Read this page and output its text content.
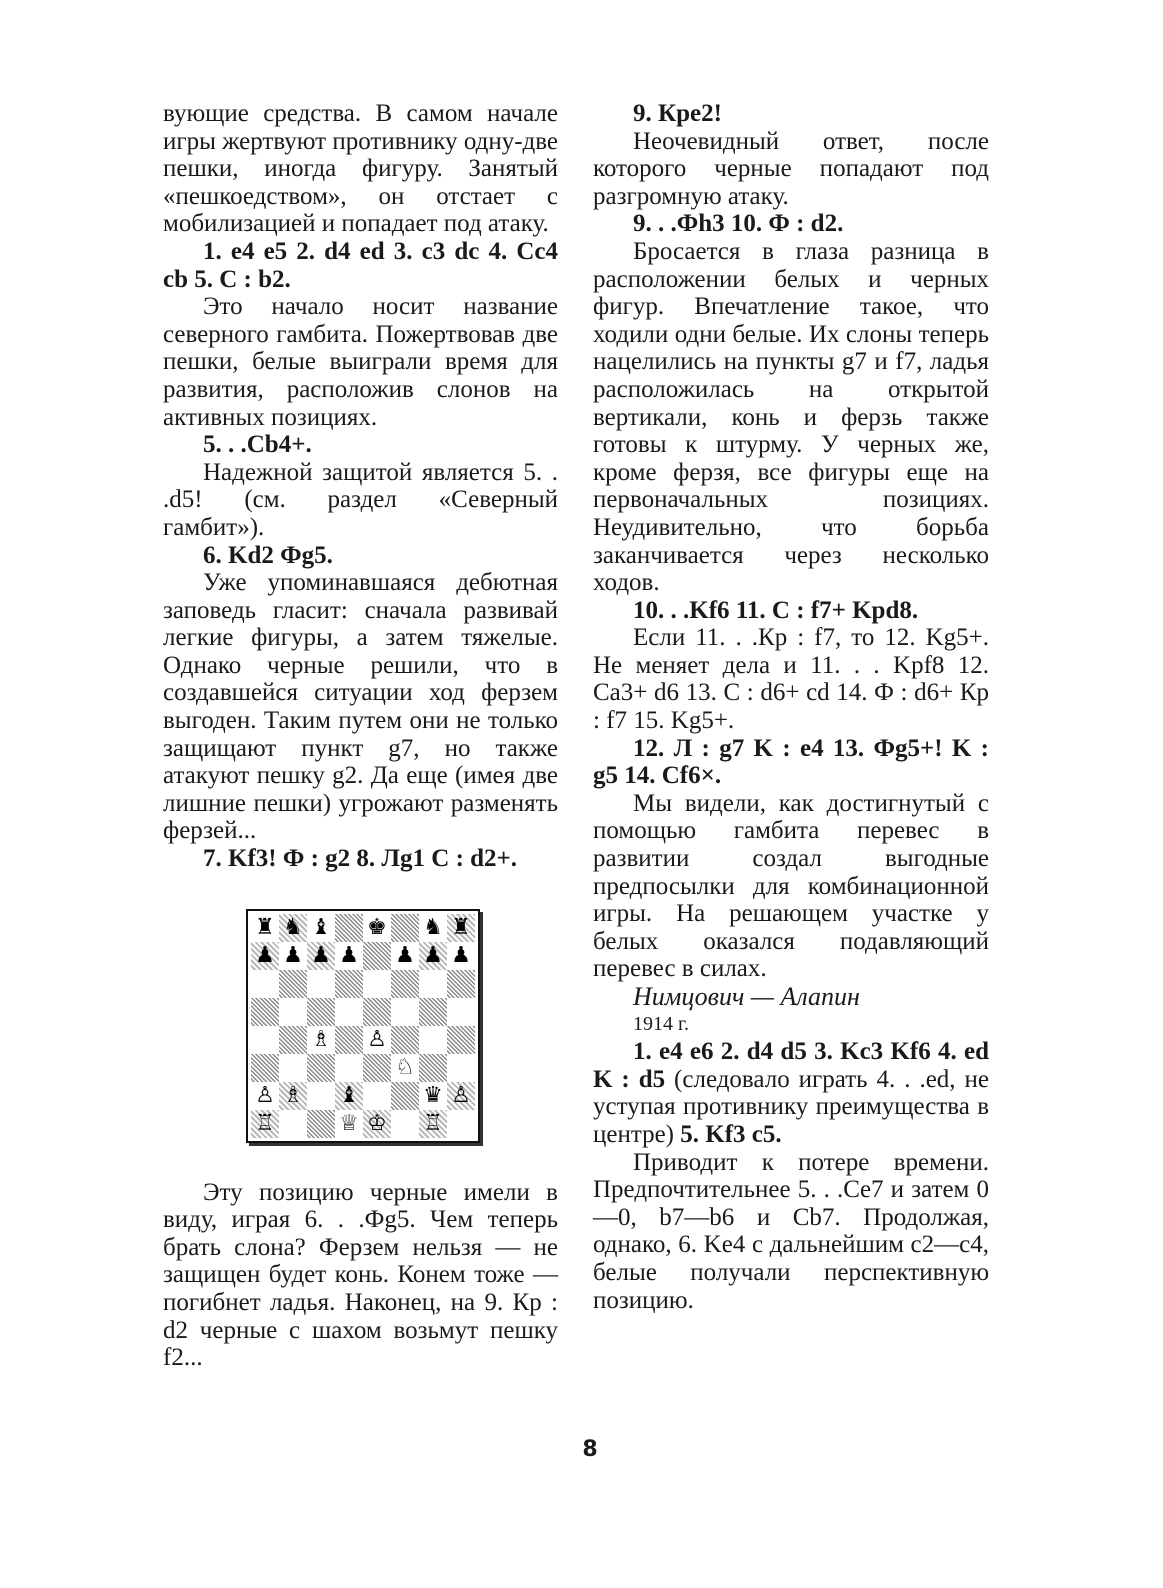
вующие средства. В самом начале игры жертвуют противнику одну-две пешки, иногда фигуру. Занятый «пешкоедством», он отстает с мобилизацией и попадает под атаку.

1. e4 e5 2. d4 ed 3. c3 dc 4. Cc4 cb 5. C : b2.

Это начало носит название северного гамбита. Пожертвовав две пешки, белые выиграли время для развития, расположив слонов на активных позициях.

5. . .Cb4+.

Надежной защитой является 5. . .d5! (см. раздел «Северный гамбит»).

6. Kd2 Фg5.

Уже упоминавшаяся дебютная заповедь гласит: сначала развивай легкие фигуры, а затем тяжелые. Однако черные решили, что в создавшейся ситуации ход ферзем выгоден. Таким путем они не только защищают пункт g7, но также атакуют пешку g2. Да еще (имея две лишние пешки) угрожают разменять ферзей...

7. Kf3! Ф : g2 8. Лg1 C : d2+.

♜ ♞ ♝ ♚ ♞ ♜
♟ ♟ ♟ ♟ ♟ ♟ ♟
♗ ♙
♘
♙ ♗ ♝	♛ ♙
♖	♕ ♔ ♖

Эту позицию черные имели в виду, играя 6. . .Фg5. Чем теперь брать слона? Ферзем нельзя — не защищен будет конь. Конем тоже — погибнет ладья. Наконец, на 9. Кр : d2 черные с шахом возьмут пешку f2...

9. Кре2!

Неочевидный ответ, после которого черные попадают под разгромную атаку.

9. . .Фh3 10. Ф : d2.

Бросается в глаза разница в расположении белых и черных фигур. Впечатление такое, что ходили одни белые. Их слоны теперь нацелились на пункты g7 и f7, ладья расположилась на открытой вертикали, конь и ферзь также готовы к штурму. У черных же, кроме ферзя, все фигуры еще на первоначальных позициях. Неудивительно, что борьба заканчивается через несколько ходов.

10. . .Kf6 11. C : f7+ Kpd8.

Если 11. . .Кр : f7, то 12. Kg5+. Не меняет дела и 11. . . Kpf8 12. Ca3+ d6 13. C : d6+ cd 14. Ф : d6+ Кр : f7 15. Kg5+.

12. Л : g7 K : e4 13. Фg5+! K : g5 14. Cf6×.

Мы видели, как достигнутый с помощью гамбита перевес в развитии создал выгодные предпосылки для комбинационной игры. На решающем участке у белых оказался подавляющий перевес в силах.

Нимцович — Алапин

1914 г.

1. e4 e6 2. d4 d5 3. Kc3 Kf6 4. ed K : d5 (следовало играть 4. . .ed, не уступая противнику преимущества в центре) 5. Kf3 c5.

Приводит к потере времени. Предпочтительнее 5. . .Ce7 и затем 0—0, b7—b6 и Cb7. Продолжая, однако, 6. Ke4 с дальнейшим c2—c4, белые получали перспективную позицию.

8
